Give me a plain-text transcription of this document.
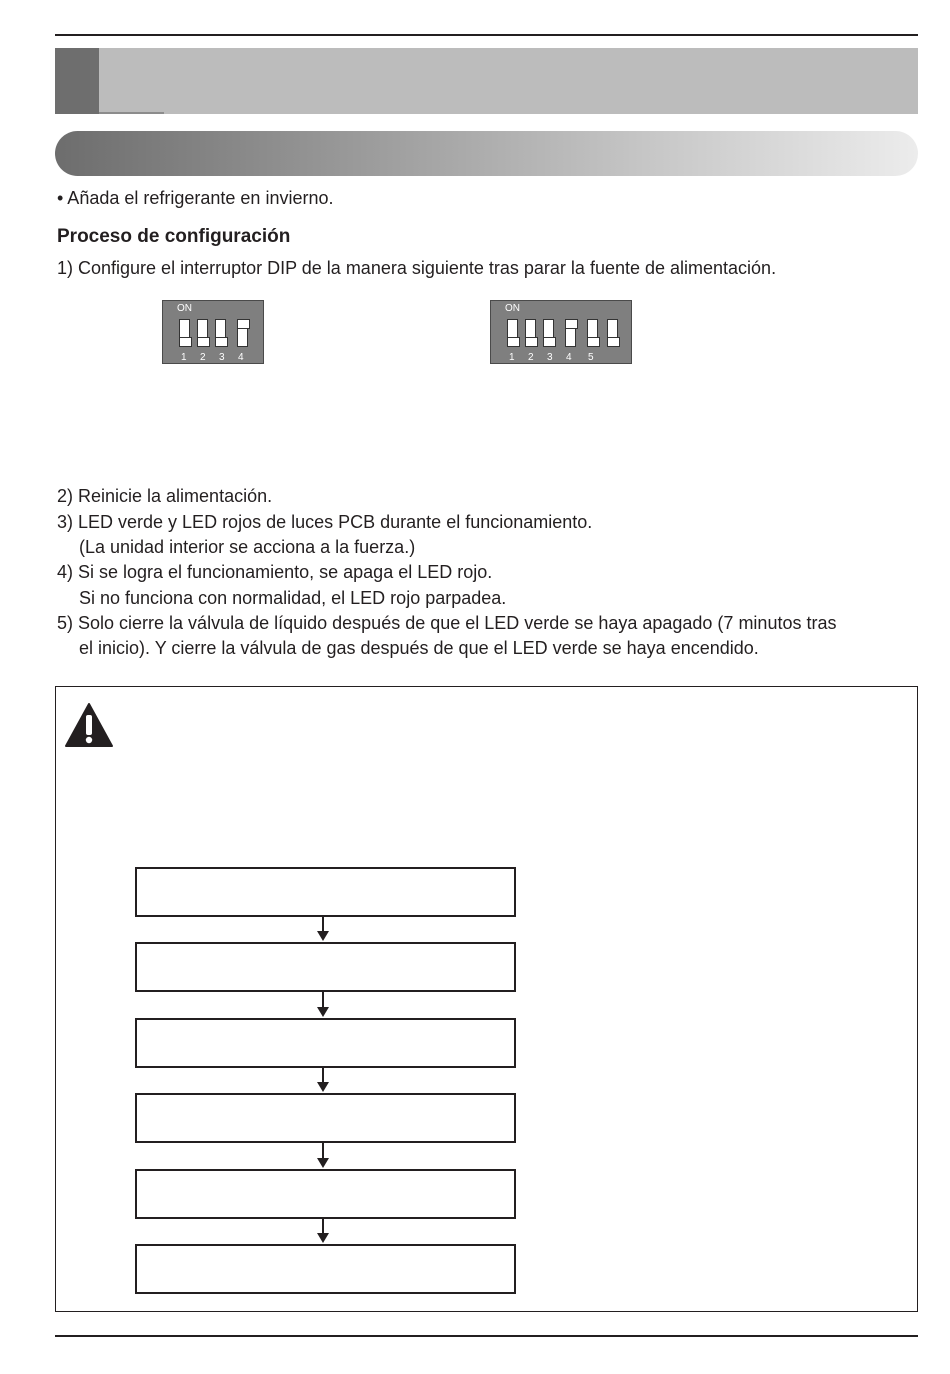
• Añada el refrigerante en invierno.
Proceso de configuración
1) Configure el interruptor DIP de la manera siguiente tras parar la fuente de alimentación.
ON
1 2 3 4
ON
1 2 3 4 5
2) Reinicie la alimentación.
3) LED verde y LED rojos de luces PCB durante el funcionamiento.
(La unidad interior se acciona a la fuerza.)
4) Si se logra el funcionamiento, se apaga el LED rojo.
Si no funciona con normalidad, el LED rojo parpadea.
5) Solo cierre la válvula de líquido después de que el LED verde se haya apagado (7 minutos tras
el inicio). Y cierre la válvula de gas después de que el LED verde se haya encendido.
